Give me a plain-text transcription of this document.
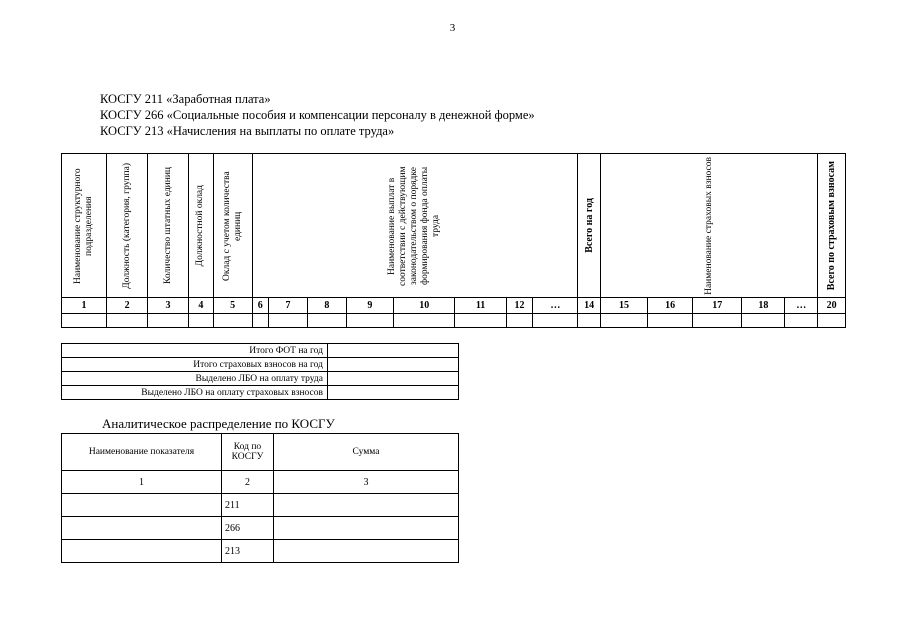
3
КОСГУ 211 «Заработная плата»
КОСГУ 266 «Социальные пособия и компенсации персоналу в денежной форме»
КОСГУ 213 «Начисления на выплаты по оплате труда»
Наименование структурного подразделения	Должность (категория, группа)	Количество штатных единиц	Должностной оклад	Оклад с учетом количества единиц	Наименование выплат в соответствии с действующим законодательством о порядке формирования фонда оплаты труда								Всего на год	Наименование страховых взносов					Всего по страховым взносам

1	2	3	4	5	6	7	8	9	10	11	12	…	14	15	16	17	18	…	20

Итого ФОТ на год	
Итого страховых взносов на год	
Выделено ЛБО на оплату труда	
Выделено ЛБО на оплату страховых взносов	
Аналитическое распределение по КОСГУ
Наименование показателя	Код по КОСГУ	Сумма
1	2	3
	211	
	266	
	213	
